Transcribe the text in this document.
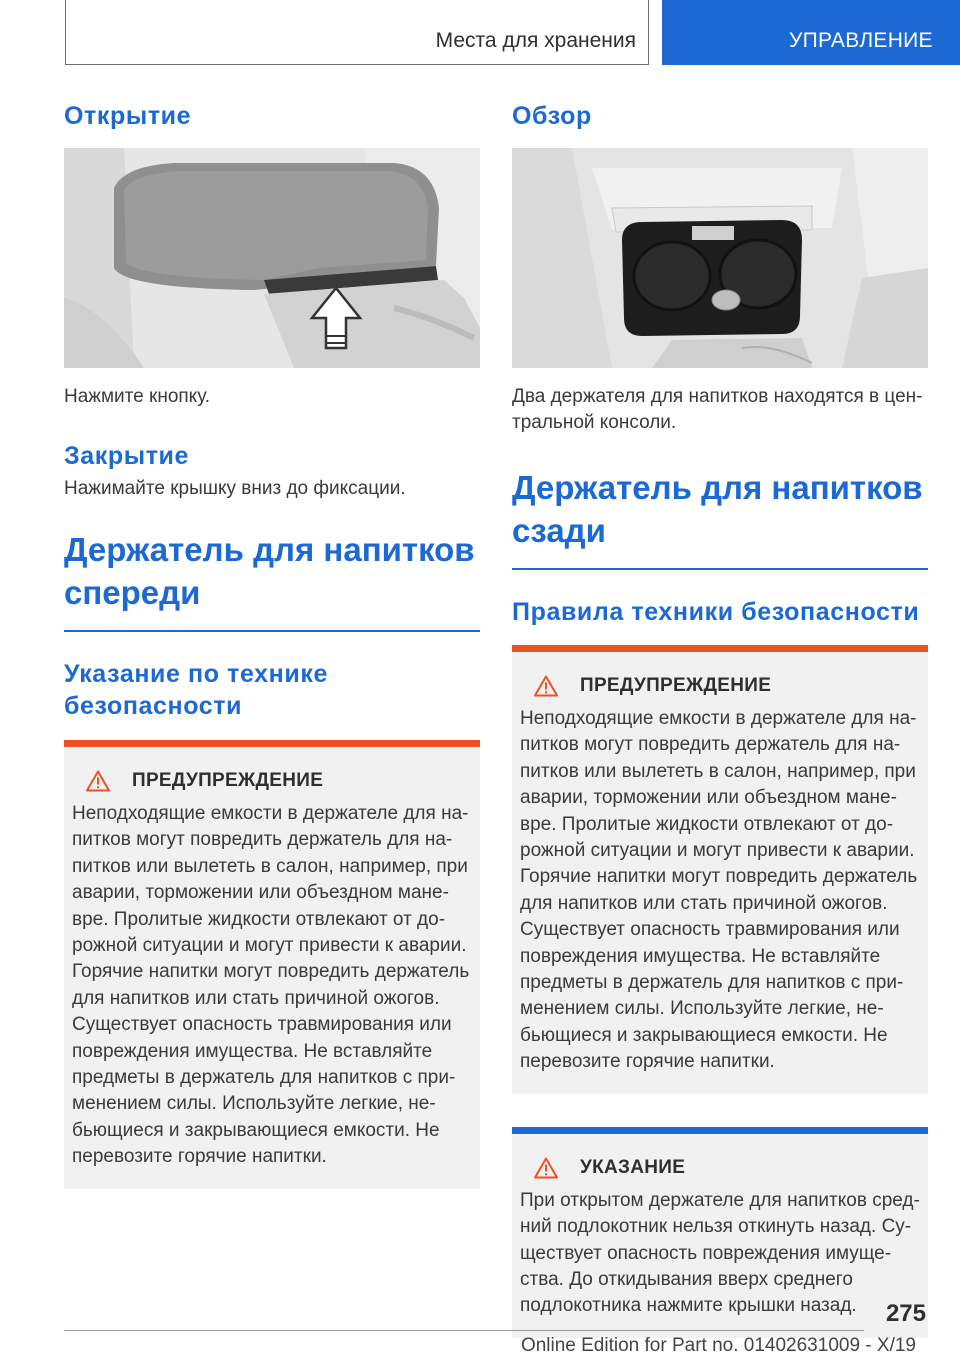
Места для хранения	УПРАВЛЕНИЕ
Открытие
Нажмите кнопку.
Закрытие
Нажимайте крышку вниз до фиксации.
Держатель для напитков
спереди
Указание по технике
безопасности
ПРЕДУПРЕЖДЕНИЕ
Неподходящие емкости в держателе для на-
питков могут повредить держатель для на-
питков или вылететь в салон, например, при
аварии, торможении или объездном мане-
вре. Пролитые жидкости отвлекают от до-
рожной ситуации и могут привести к аварии.
Горячие напитки могут повредить держатель
для напитков или стать причиной ожогов.
Существует опасность травмирования или
повреждения имущества. Не вставляйте
предметы в держатель для напитков с при-
менением силы. Используйте легкие, не-
бьющиеся и закрывающиеся емкости. Не
перевозите горячие напитки.
Обзор
Два держателя для напитков находятся в цен-
тральной консоли.
Держатель для напитков
сзади
Правила техники безопасности
ПРЕДУПРЕЖДЕНИЕ
Неподходящие емкости в держателе для на-
питков могут повредить держатель для на-
питков или вылететь в салон, например, при
аварии, торможении или объездном мане-
вре. Пролитые жидкости отвлекают от до-
рожной ситуации и могут привести к аварии.
Горячие напитки могут повредить держатель
для напитков или стать причиной ожогов.
Существует опасность травмирования или
повреждения имущества. Не вставляйте
предметы в держатель для напитков с при-
менением силы. Используйте легкие, не-
бьющиеся и закрывающиеся емкости. Не
перевозите горячие напитки.
УКАЗАНИЕ
При открытом держателе для напитков сред-
ний подлокотник нельзя откинуть назад. Су-
ществует опасность повреждения имуще-
ства. До откидывания вверх среднего
подлокотника нажмите крышки назад.	275
Online Edition for Part no. 01402631009 - X/19
